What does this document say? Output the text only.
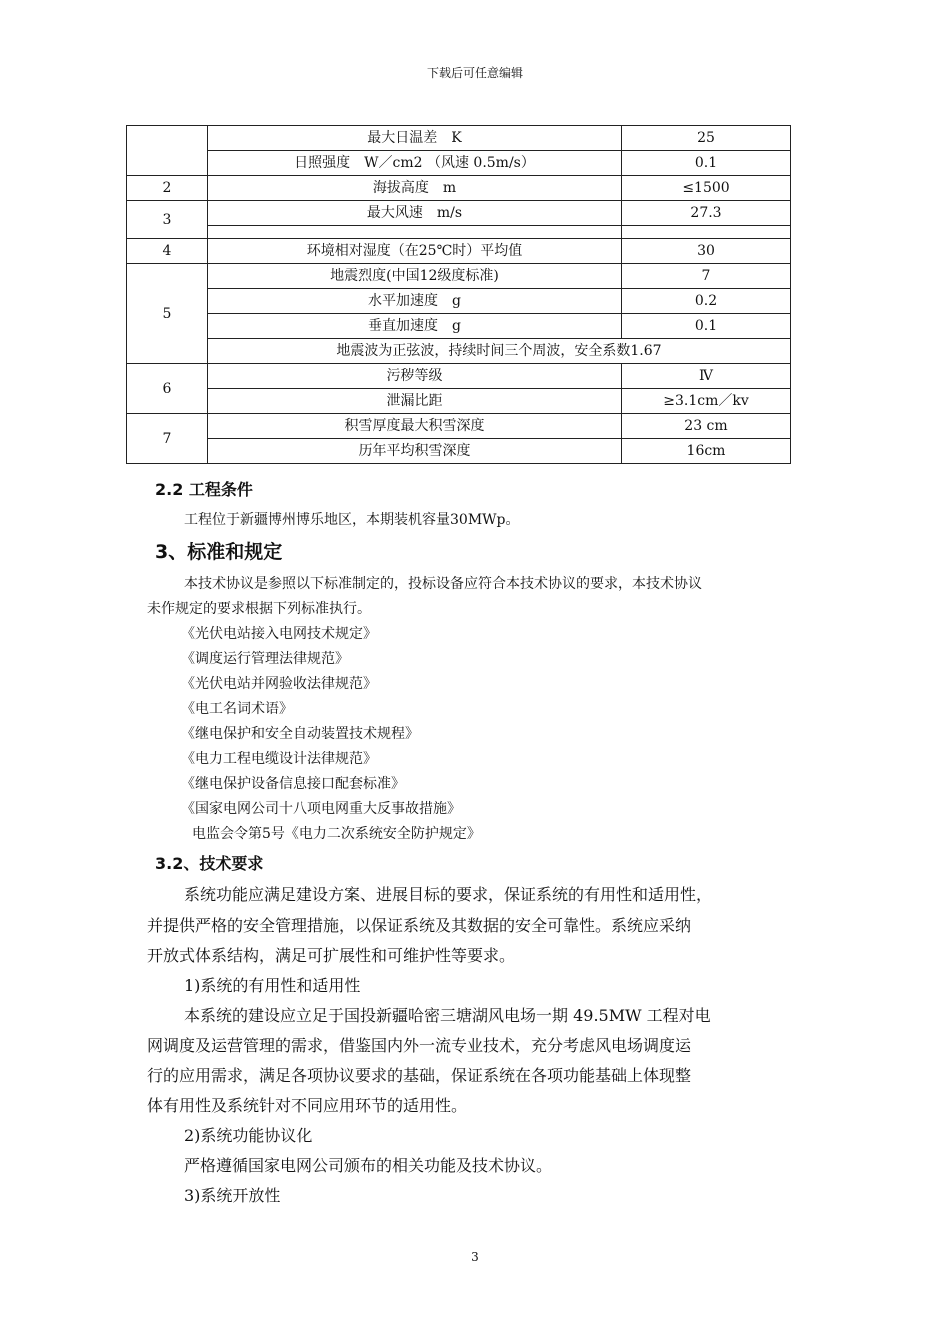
下载后可任意编辑
	最大日温差　K	25
	日照强度　W／cm2 （风速 0.5m/s）	0.1
2	海拔高度　m	≤1500
3	最大风速　m/s	27.3

4	环境相对湿度（在25℃时）平均值	30
5	地震烈度(中国12级度标准)	7
	水平加速度　g	0.2
	垂直加速度　g	0.1
	地震波为正弦波，持续时间三个周波，安全系数1.67	
6	污秽等级	Ⅳ
	泄漏比距	≥3.1cm／kv
7	积雪厚度最大积雪深度	23 cm
	历年平均积雪深度	16cm
2.2 工程条件
工程位于新疆博州博乐地区，本期装机容量30MWp。
3、标准和规定
本技术协议是参照以下标准制定的，投标设备应符合本技术协议的要求，本技术协议
未作规定的要求根据下列标准执行。
《光伏电站接入电网技术规定》
《调度运行管理法律规范》
《光伏电站并网验收法律规范》
《电工名词术语》
《继电保护和安全自动装置技术规程》
《电力工程电缆设计法律规范》
《继电保护设备信息接口配套标准》
《国家电网公司十八项电网重大反事故措施》
电监会令第5号《电力二次系统安全防护规定》
3.2、技术要求
系统功能应满足建设方案、进展目标的要求，保证系统的有用性和适用性，
并提供严格的安全管理措施，以保证系统及其数据的安全可靠性。系统应采纳
开放式体系结构，满足可扩展性和可维护性等要求。
1)系统的有用性和适用性
本系统的建设应立足于国投新疆哈密三塘湖风电场一期 49.5MW 工程对电
网调度及运营管理的需求，借鉴国内外一流专业技术，充分考虑风电场调度运
行的应用需求，满足各项协议要求的基础，保证系统在各项功能基础上体现整
体有用性及系统针对不同应用环节的适用性。
2)系统功能协议化
严格遵循国家电网公司颁布的相关功能及技术协议。
3)系统开放性
3
